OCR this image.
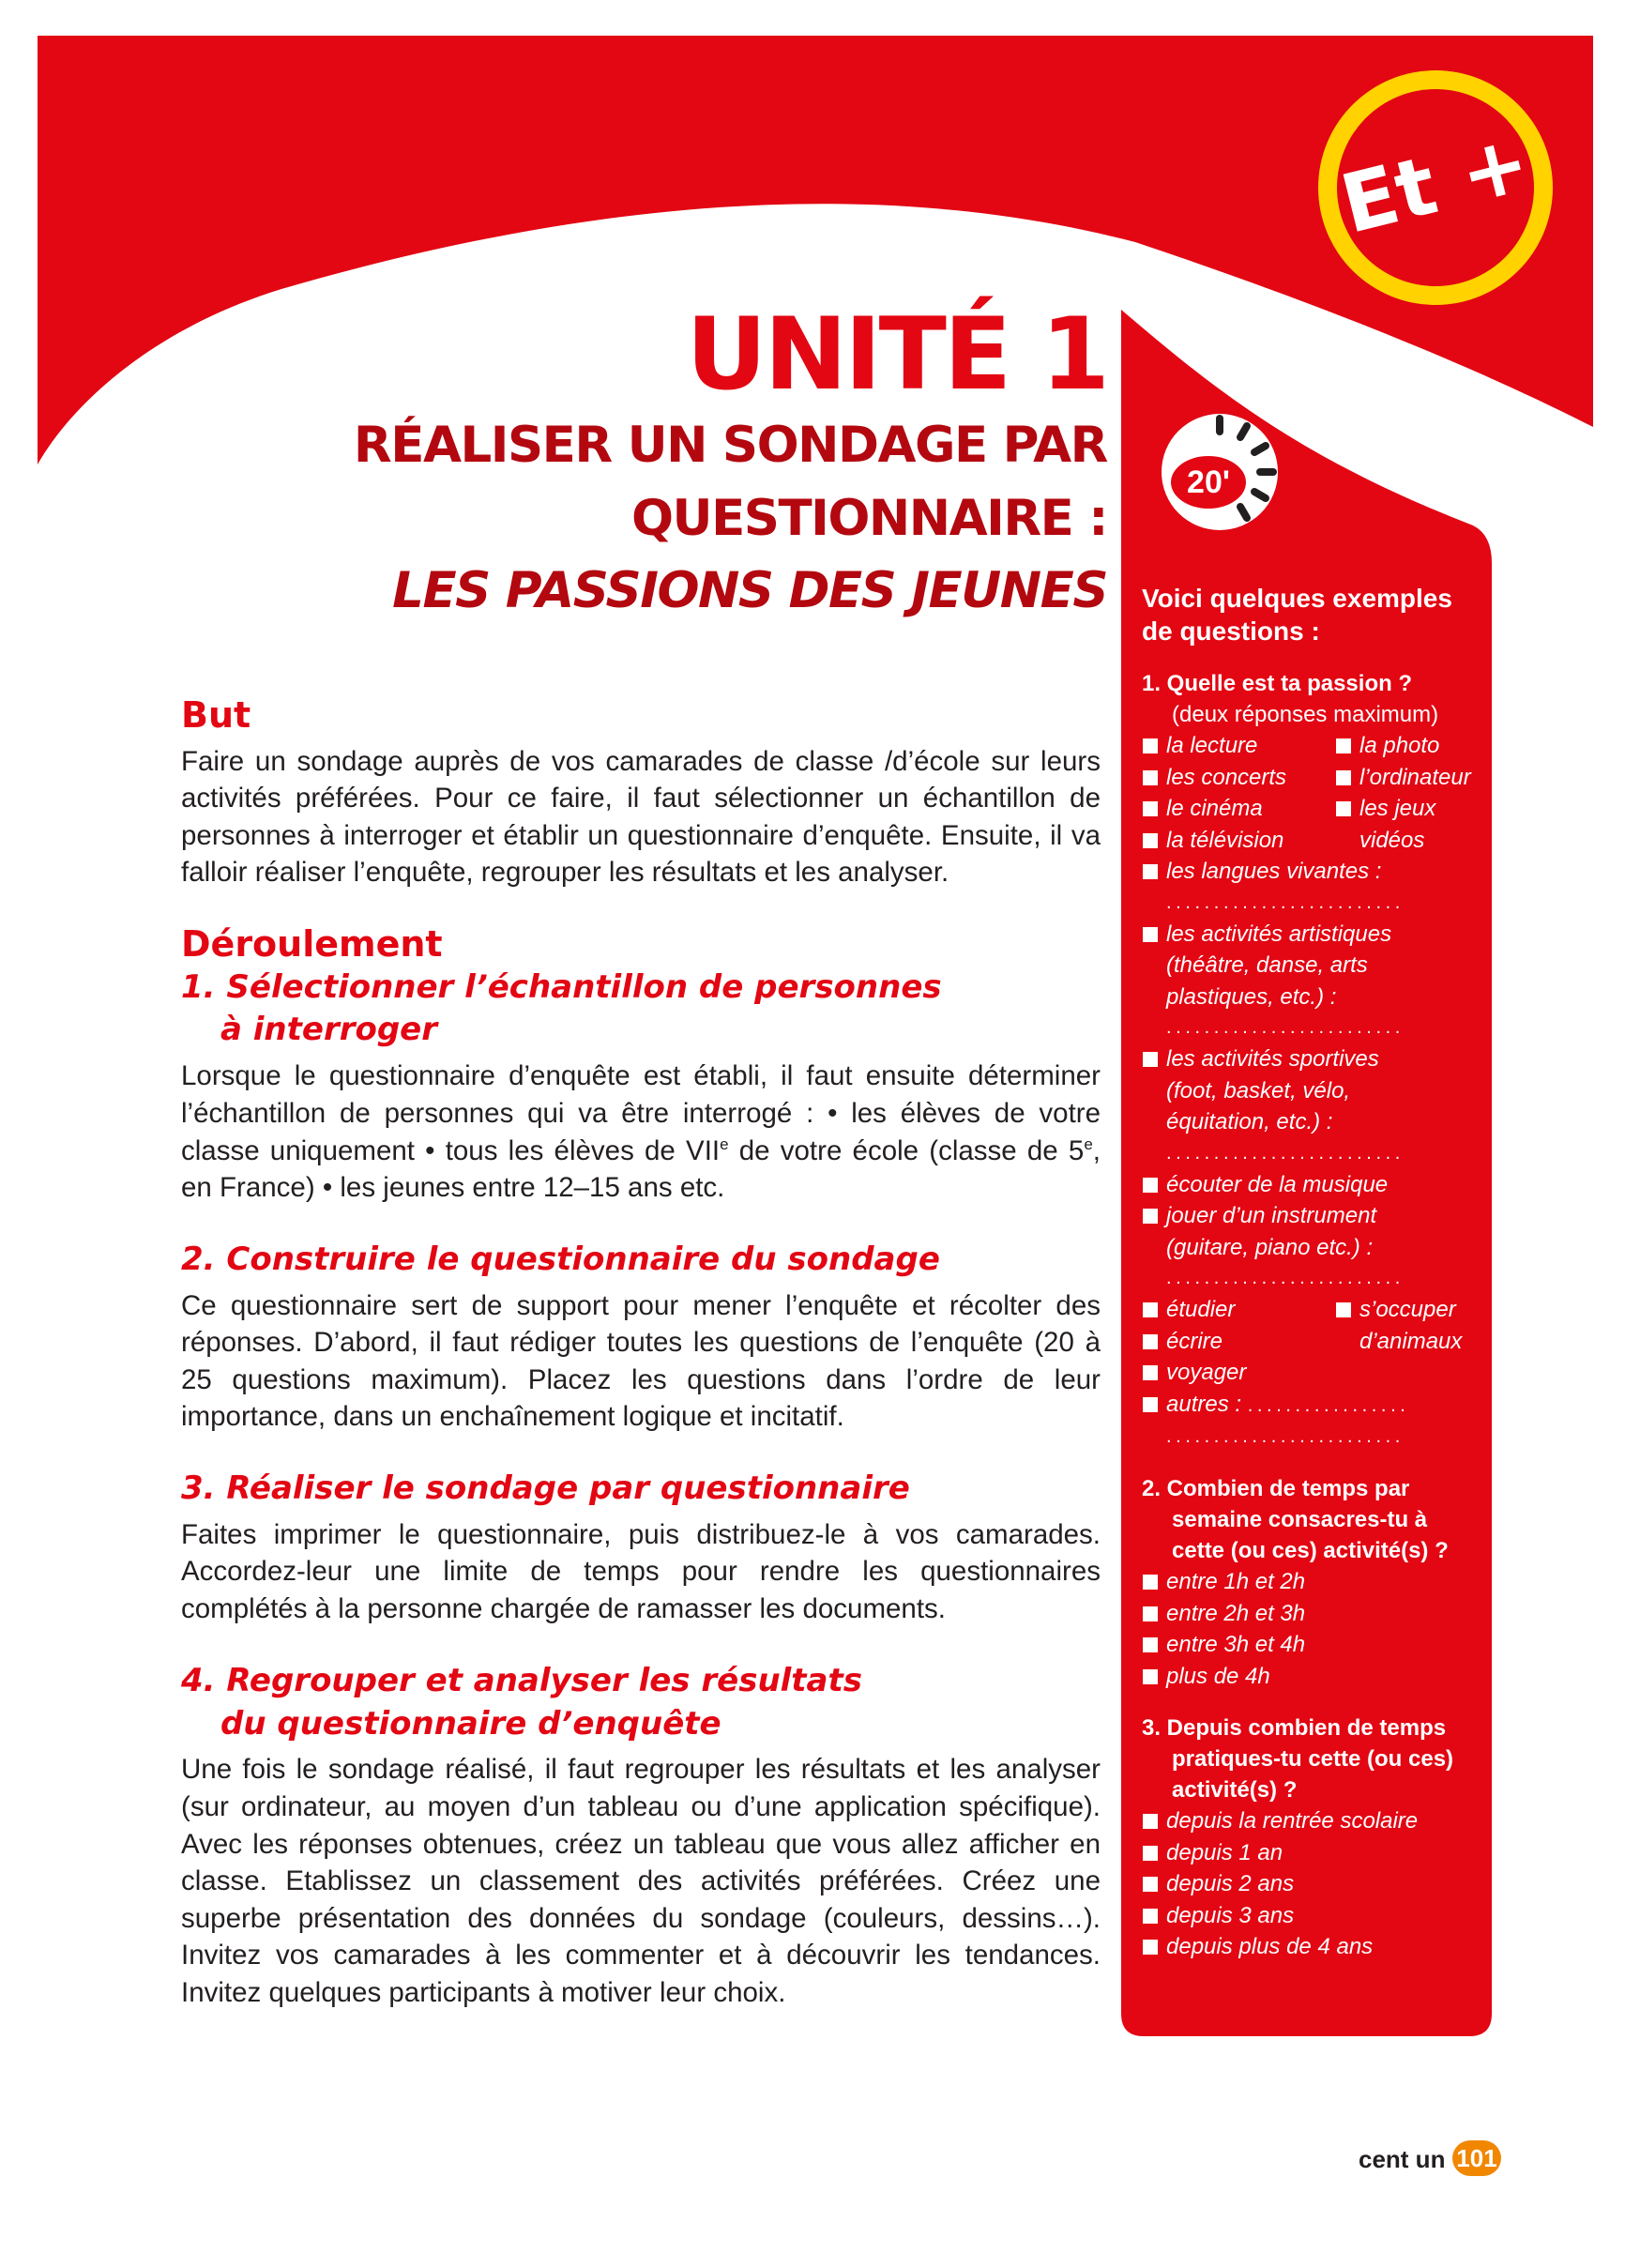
Et +
UNITÉ 1
RÉALISER UN SONDAGE PAR
QUESTIONNAIRE :
LES PASSIONS DES JEUNES
20'
But

Faire un sondage auprès de vos camarades de classe /d’école sur leurs activités préférées. Pour ce faire, il faut sélectionner un échantillon de personnes à interroger et établir un questionnaire d’enquête. Ensuite, il va falloir réaliser l’enquête, regrouper les résultats et les analyser.

Déroulement
1. Sélectionner l’échantillon de personnes
à interroger

Lorsque le questionnaire d’enquête est établi, il faut ensuite déterminer l’échantillon de personnes qui va être interrogé : • les élèves de votre classe uniquement • tous les élèves de VIIe de votre école (classe de 5e, en France) • les jeunes entre 12–15 ans etc.

2. Construire le questionnaire du sondage

Ce questionnaire sert de support pour mener l’enquête et récolter des réponses. D’abord, il faut rédiger toutes les questions de l’enquête (20 à 25 questions maximum). Placez les questions dans l’ordre de leur importance, dans un enchaînement logique et incitatif.

3. Réaliser le sondage par questionnaire

Faites imprimer le questionnaire, puis distribuez-le à vos camarades. Accordez-leur une limite de temps pour rendre les questionnaires complétés à la personne chargée de ramasser les documents.

4. Regrouper et analyser les résultats
du questionnaire d’enquête

Une fois le sondage réalisé, il faut regrouper les résultats et les analyser (sur ordinateur, au moyen d’un tableau ou d’une application spécifique). Avec les réponses obtenues, créez un tableau que vous allez afficher en classe. Etablissez un classement des activités préférées. Créez une superbe présentation des données du sondage (couleurs, dessins…). Invitez vos camarades à les commenter et à découvrir les tendances. Invitez quelques participants à motiver leur choix.

Voici quelques exemples de questions :

1. Quelle est ta passion ?

(deux réponses maximum)

la lecture	la photo

les concerts	l’ordinateur

le cinéma	les jeux

la télévision	vidéos

les langues vivantes :

.........................

les activités artistiques

(théâtre, danse, arts

plastiques, etc.) :

.........................

les activités sportives

(foot, basket, vélo,

équitation, etc.) :

.........................

écouter de la musique

jouer d’un instrument

(guitare, piano etc.) :

.........................

étudier	s’occuper

écrire	d’animaux

voyager

autres : .................

.........................

2. Combien de temps par semaine consacres-tu à cette (ou ces) activité(s) ?

entre 1h et 2h

entre 2h et 3h

entre 3h et 4h

plus de 4h

3. Depuis combien de temps pratiques-tu cette (ou ces) activité(s) ?

depuis la rentrée scolaire

depuis 1 an

depuis 2 ans

depuis 3 ans

depuis plus de 4 ans

cent un 101
